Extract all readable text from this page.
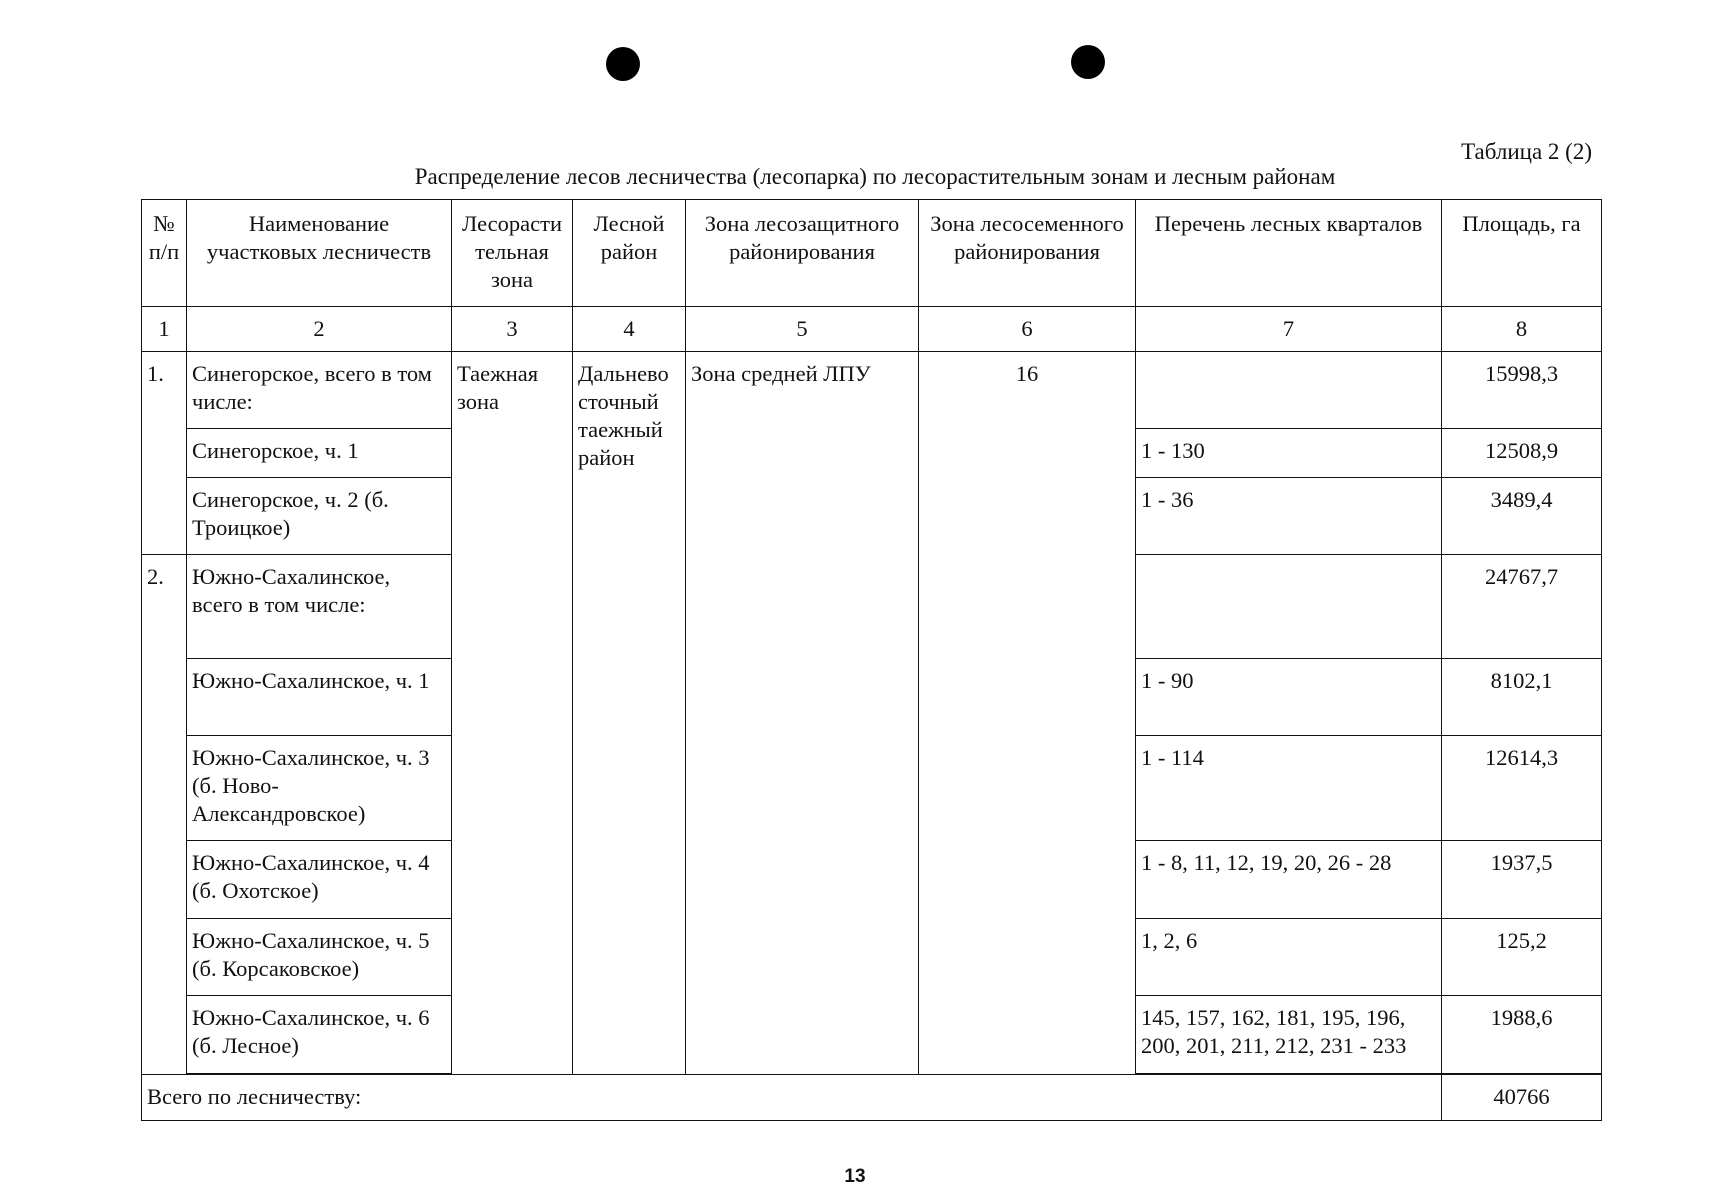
Таблица 2 (2)
Распределение лесов лесничества (лесопарка) по лесорастительным зонам и лесным районам
№ п/п	Наименование участковых лесничеств	Лесорасти тельная зона	Лесной район	Зона лесозащитного районирования	Зона лесосеменного районирования	Перечень лесных кварталов	Площадь, га
1	2	3	4	5	6	7	8
1.	Синегорское, всего в том числе:	Таежная зона	Дальнево сточный таежный район	Зона средней ЛПУ	16		15998,3
	Синегорское, ч. 1					1 - 130	12508,9
	Синегорское, ч. 2 (б. Троицкое)					1 - 36	3489,4
2.	Южно-Сахалинское, всего в том числе:						24767,7
	Южно-Сахалинское, ч. 1					1 - 90	8102,1
	Южно-Сахалинское, ч. 3 (б. Ново-Александровское)					1 - 114	12614,3
	Южно-Сахалинское, ч. 4 (б. Охотское)					1 - 8, 11, 12, 19, 20, 26 - 28	1937,5
	Южно-Сахалинское, ч. 5 (б. Корсаковское)					1, 2, 6	125,2
	Южно-Сахалинское, ч. 6 (б. Лесное)					145, 157, 162, 181, 195, 196, 200, 201, 211, 212, 231 - 233	1988,6

Всего по лесничеству:							40766
13
